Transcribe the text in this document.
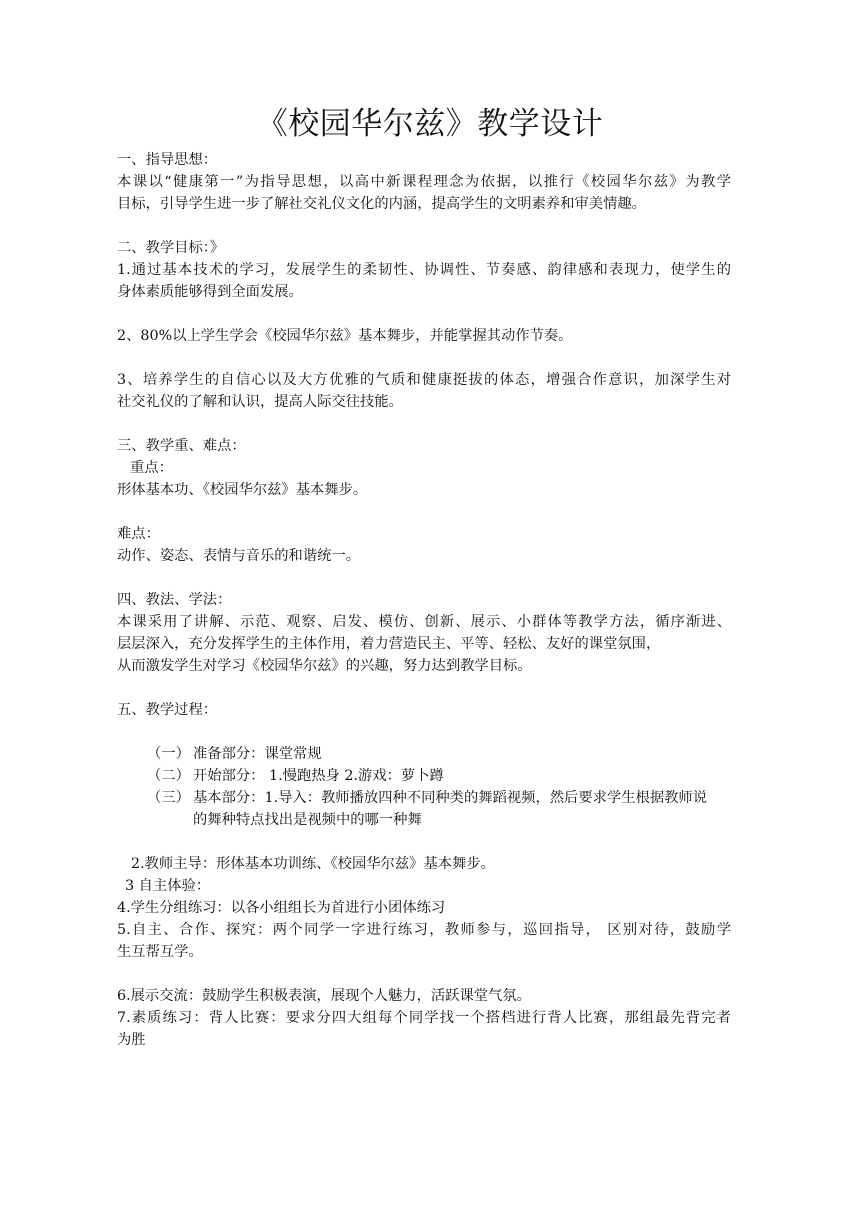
《校园华尔兹》教学设计
一、指导思想：
本课以“健康第一”为指导思想，以高中新课程理念为依据，以推行《校园华尔兹》为教学
目标，引导学生进一步了解社交礼仪文化的内涵，提高学生的文明素养和审美情趣。
二、教学目标：》
1.通过基本技术的学习，发展学生的柔韧性、协调性、节奏感、韵律感和表现力，使学生的
身体素质能够得到全面发展。
2、80%以上学生学会《校园华尔兹》基本舞步，并能掌握其动作节奏。
3、培养学生的自信心以及大方优雅的气质和健康挺拔的体态，增强合作意识，加深学生对
社交礼仪的了解和认识，提高人际交往技能。
三、教学重、难点：
重点：
形体基本功、《校园华尔兹》基本舞步。
难点：
动作、姿态、表情与音乐的和谐统一。
四、教法、学法：
本课采用了讲解、示范、观察、启发、模仿、创新、展示、小群体等教学方法，循序渐进、
层层深入，充分发挥学生的主体作用，着力营造民主、平等、轻松、友好的课堂氛围，
从而激发学生对学习《校园华尔兹》的兴趣，努力达到教学目标。
五、教学过程：
（一） 准备部分：课堂常规
（二） 开始部分： 1.慢跑热身 2.游戏：萝卜蹲
（三） 基本部分：1.导入：教师播放四种不同种类的舞蹈视频，然后要求学生根据教师说
的舞种特点找出是视频中的哪一种舞
2.教师主导：形体基本功训练、《校园华尔兹》基本舞步。
3 自主体验：
4.学生分组练习：以各小组组长为首进行小团体练习
5.自主、合作、探究：两个同学一字进行练习，教师参与，巡回指导， 区别对待，鼓励学
生互帮互学。
6.展示交流：鼓励学生积极表演，展现个人魅力，活跃课堂气氛。
7.素质练习：背人比赛：要求分四大组每个同学找一个搭档进行背人比赛，那组最先背完者
为胜
